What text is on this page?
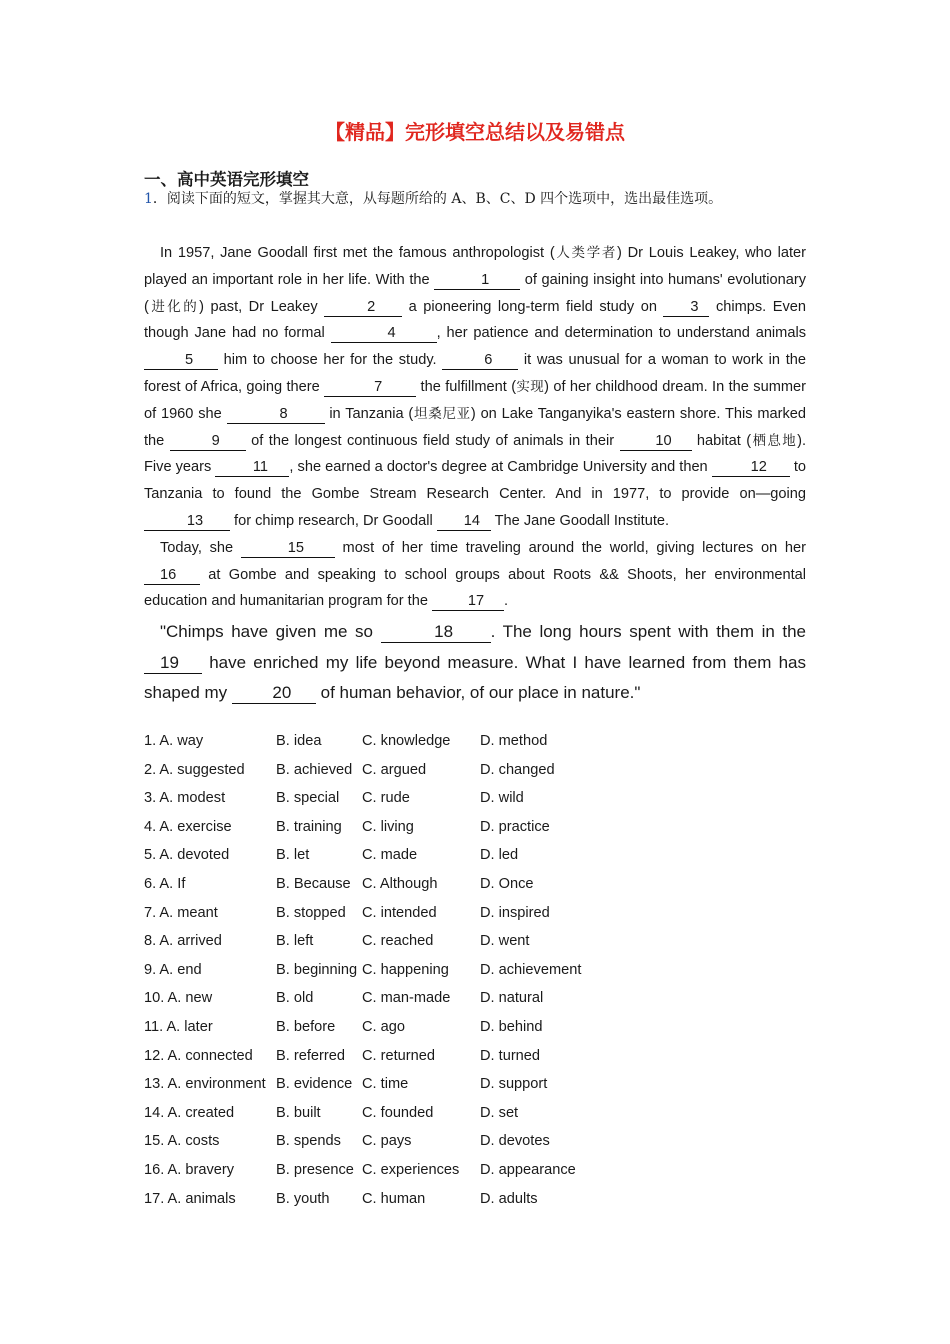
【精品】完形填空总结以及易错点
一、高中英语完形填空
1．阅读下面的短文，掌握其大意，从每题所给的 A、B、C、D 四个选项中，选出最佳选项。

In 1957, Jane Goodall first met the famous anthropologist (人类学者) Dr Louis Leakey, who later played an important role in her life. With the	1 of gaining insight into humans' evolutionary (进化的) past, Dr Leakey	2 a pioneering long-term field study on 3 chimps. Even though Jane had no formal	4	, her patience and determination to understand animals 5 him to choose her for the study.	6 it was unusual for a woman to work in the forest of Africa, going there	7 the fulfillment (实现) of her childhood dream. In the summer of 1960 she	8	in Tanzania (坦桑尼亚) on Lake Tanganyika's eastern shore. This marked the	9 of the longest continuous field study of animals in their 10 habitat (栖息地). Five years	11 , she earned a doctor's degree at Cambridge University and then	12 to Tanzania to found the Gombe Stream Research Center. And in 1977, to provide on—going 13 for chimp research, Dr Goodall 14 The Jane Goodall Institute.

Today, she	15 most of her time traveling around the world, giving lectures on her 16 at Gombe and speaking to school groups about Roots && Shoots, her environmental education and humanitarian program for the 17 .

"Chimps have given me so	18 . The long hours spent with them in the 19 have enriched my life beyond measure. What I have learned from them has shaped my 20 of human behavior, of our place in nature."

1. A. way	B. idea	C. knowledge	D. method
2. A. suggested	B. achieved C. argued	D. changed
3. A. modest	B. special	C. rude	D. wild
4. A. exercise	B. training	C. living	D. practice
5. A. devoted	B. let	C. made	D. led
6. A. If	B. Because C. Although	D. Once
7. A. meant	B. stopped	C. intended	D. inspired
8. A. arrived	B. left	C. reached	D. went
9. A. end	B. beginning C. happening	D. achievement
10. A. new	B. old	C. man-made	D. natural
11. A. later	B. before	C. ago	D. behind
12. A. connected	B. referred	C. returned	D. turned
13. A. environment B. evidence C. time	D. support
14. A. created	B. built	C. founded	D. set
15. A. costs	B. spends	C. pays	D. devotes
16. A. bravery	B. presence C. experiences	D. appearance
17. A. animals	B. youth	C. human	D. adults
